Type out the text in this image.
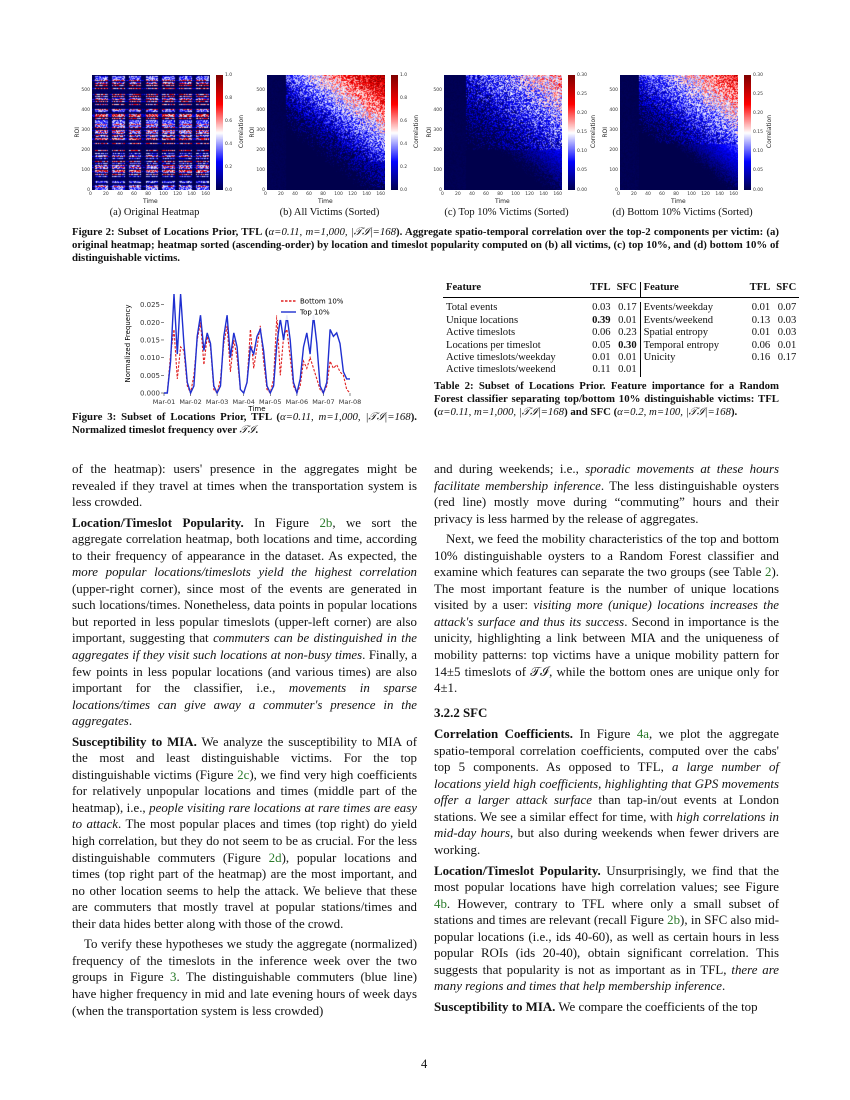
0
100
200
300
400
500
0 20 40 60 80 100 120 140 160
0.0
0.2
0.4
0.6
0.8
1.0
Time
ROI	Correlation
(a) Original Heatmap
0
100
200
300
400
500
0 20 40 60 80 100 120 140 160
0.0
0.2
0.4
0.6
0.8
1.0
Time
ROI	Correlation
(b) All Victims (Sorted)
0
100
200
300
400
500
0 20 40 60 80 100 120 140 160
0.00
0.05
0.10
0.15
0.20
0.25
0.30
Time
ROI	Correlation
(c) Top 10% Victims (Sorted)
0
100
200
300
400
500
0 20 40 60 80 100 120 140 160
0.00
0.05
0.10
0.15
0.20
0.25
0.30
Time
ROI	Correlation
(d) Bottom 10% Victims (Sorted)
Figure 2: Subset of Locations Prior, TFL (α=0.11, m=1,000, |𝒯ℐ|=168). Aggregate spatio-temporal correlation over the top-2 components per victim: (a) original heatmap; heatmap sorted (ascending-order) by location and timeslot popularity computed on (b) all victims, (c) top 10%, and (d) bottom 10% of distinguishable victims.
0.000
0.005
0.010
0.015
0.020
0.025
Mar-01 Mar-02 Mar-03 Mar-04 Mar-05 Mar-06 Mar-07 Mar-08
Time
Normalized Frequency
Bottom 10%
Top 10%
Figure 3: Subset of Locations Prior, TFL (α=0.11, m=1,000, |𝒯ℐ|=168). Normalized timeslot frequency over 𝒯ℐ.
Feature	TFL	SFC	Feature	TFL	SFC

Total events	0.03	0.17	Events/weekday	0.01	0.07
Unique locations	0.39	0.01	Events/weekend	0.13	0.03
Active timeslots	0.06	0.23	Spatial entropy	0.01	0.03
Locations per timeslot	0.05	0.30	Temporal entropy	0.06	0.01
Active timeslots/weekday	0.01	0.01	Unicity	0.16	0.17
Active timeslots/weekend	0.11	0.01			
Table 2: Subset of Locations Prior. Feature importance for a Random Forest classifier separating top/bottom 10% distinguishable victims: TFL (α=0.11, m=1,000, |𝒯ℐ|=168) and SFC (α=0.2, m=100, |𝒯ℐ|=168).

of the heatmap): users' presence in the aggregates might be revealed if they travel at times when the transportation system is less crowded.

Location/Timeslot Popularity. In Figure 2b, we sort the aggregate correlation heatmap, both locations and time, according to their frequency of appearance in the dataset. As expected, the more popular locations/timeslots yield the highest correlation (upper-right corner), since most of the events are generated in such locations/times. Nonetheless, data points in popular locations but reported in less popular timeslots (upper-left corner) are also important, suggesting that commuters can be distinguished in the aggregates if they visit such locations at non-busy times. Finally, a few points in less popular locations (and various times) are also important for the classifier, i.e., movements in sparse locations/times can give away a commuter's presence in the aggregates.

Susceptibility to MIA. We analyze the susceptibility to MIA of the most and least distinguishable victims. For the top distinguishable victims (Figure 2c), we find very high coefficients for relatively unpopular locations and times (middle part of the heatmap), i.e., people visiting rare locations at rare times are easy to attack. The most popular places and times (top right) do yield high correlation, but they do not seem to be as crucial. For the less distinguishable commuters (Figure 2d), popular locations and times (top right part of the heatmap) are the most important, and no other location seems to help the attack. We believe that these are commuters that mostly travel at popular stations/times and their data hides better along with those of the crowd.

To verify these hypotheses we study the aggregate (normalized) frequency of the timeslots in the inference week over the two groups in Figure 3. The distinguishable commuters (blue line) have higher frequency in mid and late evening hours of week days (when the transportation system is less crowded)

and during weekends; i.e., sporadic movements at these hours facilitate membership inference. The less distinguishable oysters (red line) mostly move during “commuting” hours and their privacy is less harmed by the release of aggregates.

Next, we feed the mobility characteristics of the top and bottom 10% distinguishable oysters to a Random Forest classifier and examine which features can separate the two groups (see Table 2). The most important feature is the number of unique locations visited by a user: visiting more (unique) locations increases the attack's surface and thus its success. Second in importance is the unicity, highlighting a link between MIA and the uniqueness of mobility patterns: top victims have a unique mobility pattern for 14±5 timeslots of 𝒯ℐ, while the bottom ones are unique only for 4±1.

3.2.2 SFC

Correlation Coefficients. In Figure 4a, we plot the aggregate spatio-temporal correlation coefficients, computed over the cabs' top 5 components. As opposed to TFL, a large number of locations yield high coefficients, highlighting that GPS movements offer a larger attack surface than tap-in/out events at London stations. We see a similar effect for time, with high correlations in mid-day hours, but also during weekends when fewer drivers are working.

Location/Timeslot Popularity. Unsurprisingly, we find that the most popular locations have high correlation values; see Figure 4b. However, contrary to TFL where only a small subset of stations and times are relevant (recall Figure 2b), in SFC also mid-popular locations (i.e., ids 40-60), as well as certain hours in less popular ROIs (ids 20-40), obtain significant correlation. This suggests that popularity is not as important as in TFL, there are many regions and times that help membership inference.

Susceptibility to MIA. We compare the coefficients of the top

4
